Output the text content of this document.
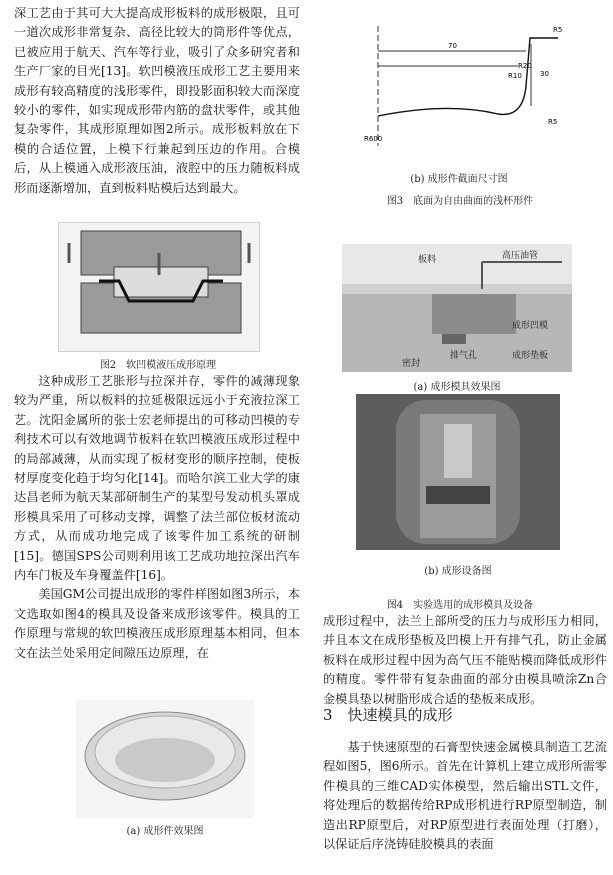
深工艺由于其可大大提高成形板料的成形极限，且可一道次成形非常复杂、高径比较大的筒形件等优点，已被应用于航天、汽车等行业，吸引了众多研究者和生产厂家的目光[13]。软凹模液压成形工艺主要用来成形有较高精度的浅形零件，即投影面积较大而深度较小的零件，如实现成形带内筋的盘状零件，或其他复杂零件，其成形原理如图2所示。成形板料放在下模的合适位置，上模下行兼起到压边的作用。合模后，从上模通入成形液压油，液腔中的压力随板料成形而逐渐增加，直到板料贴模后达到最大。

图2　软凹模液压成形原理

这种成形工艺胀形与拉深并存，零件的减薄现象较为严重，所以板料的拉延极限远远小于充液拉深工艺。沈阳金属所的张士宏老师提出的可移动凹模的专利技术可以有效地调节板料在软凹模液压成形过程中的局部减薄，从而实现了板材变形的顺序控制，使板材厚度变化趋于均匀化[14]。而哈尔滨工业大学的康达昌老师为航天某部研制生产的某型号发动机头罩成形模具采用了可移动支撑，调整了法兰部位板材流动方式，从而成功地完成了该零件加工系统的研制[15]。德国SPS公司则利用该工艺成功地拉深出汽车内车门板及车身覆盖件[16]。

美国GM公司提出成形的零件样图如图3所示，本文选取如图4的模具及设备来成形该零件。模具的工作原理与常规的软凹模液压成形原理基本相同，但本文在法兰处采用定间隙压边原理，在

(a) 成形件效果图
70
30
R10
R20
R5
R5
R600
(b) 成形件截面尺寸图
图3　底面为自由曲面的浅杯形件
板料	高压油管
成形凹模
密封
排气孔	成形垫板
(a) 成形模具效果图
(b) 成形设备图
图4　实验选用的成形模具及设备

成形过程中，法兰上部所受的压力与成形压力相同，并且本文在成形垫板及凹模上开有排气孔，防止金属板料在成形过程中因为高气压不能贴模而降低成形件的精度。零件带有复杂曲面的部分由模具喷涂Zn合金模具垫以树脂形成合适的垫板来成形。

3　快速模具的成形

基于快速原型的石膏型快速金属模具制造工艺流程如图5，图6所示。首先在计算机上建立成形所需零件模具的三维CAD实体模型，然后输出STL文件，将处理后的数据传给RP成形机进行RP原型制造，制造出RP原型后，对RP原型进行表面处理（打磨），以保证后序浇铸硅胶模具的表面
